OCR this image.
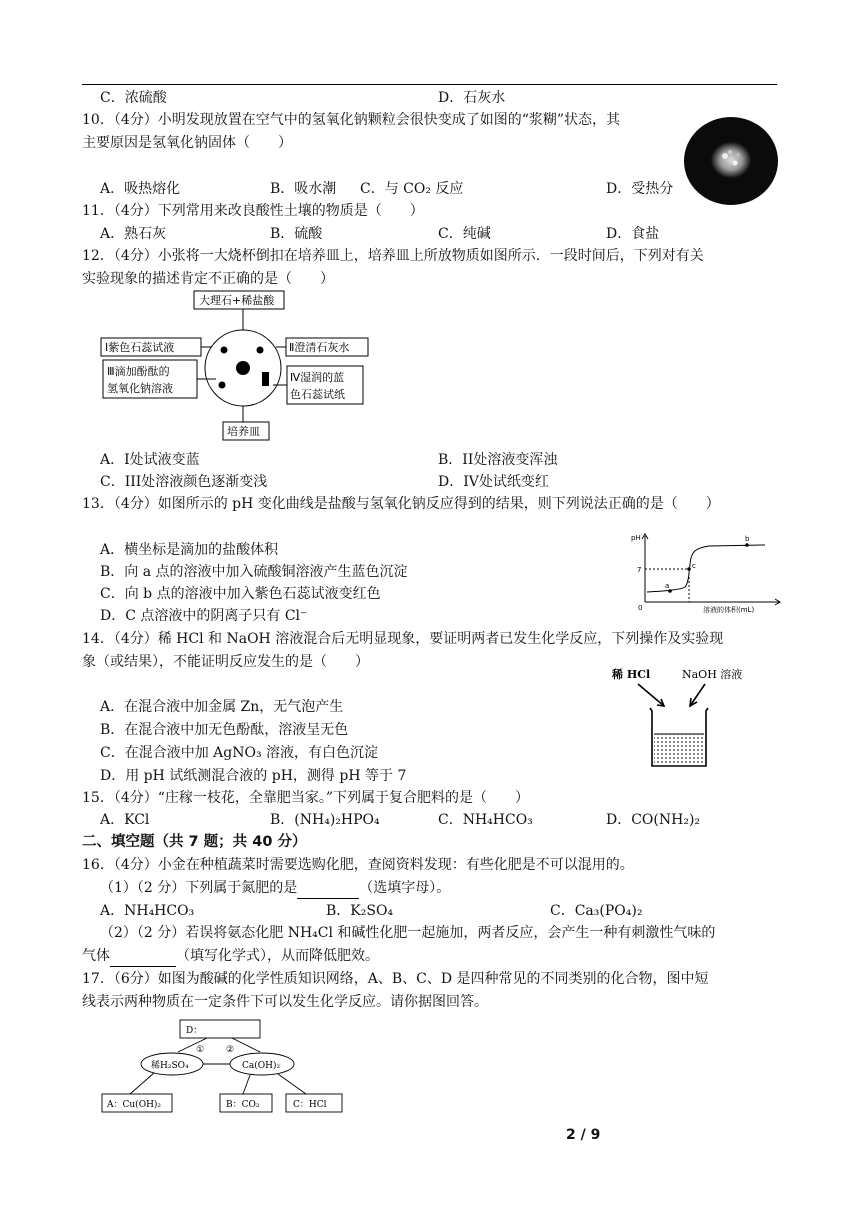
C．浓硫酸	D．石灰水
10．（4分）小明发现放置在空气中的氢氧化钠颗粒会很快变成了如图的“浆糊”状态，其
主要原因是氢氧化钠固体（　　）
A．吸热熔化	B．吸水潮 C．与 CO₂ 反应	D．受热分
11．（4分）下列常用来改良酸性土壤的物质是（　　）
A．熟石灰	B．硫酸	C．纯碱	D．食盐
12．（4分）小张将一大烧杯倒扣在培养皿上，培养皿上所放物质如图所示．一段时间后，下列对有关
实验现象的描述肯定不正确的是（　　）
大理石+稀盐酸
Ⅰ紫色石蕊试液
Ⅲ滴加酚酞的
氢氧化钠溶液
Ⅱ澄清石灰水
Ⅳ湿润的蓝
色石蕊试纸
培养皿
A．I处试液变蓝	B．II处溶液变浑浊
C．III处溶液颜色逐渐变浅	D．IV处试纸变红
13．（4分）如图所示的 pH 变化曲线是盐酸与氢氧化钠反应得到的结果，则下列说法正确的是（　　）
pH
7
0	溶液的体积(mL)
a
c
b
A．横坐标是滴加的盐酸体积
B．向 a 点的溶液中加入硫酸铜溶液产生蓝色沉淀
C．向 b 点的溶液中加入紫色石蕊试液变红色
D．C 点溶液中的阴离子只有 Cl⁻
14．（4分）稀 HCl 和 NaOH 溶液混合后无明显现象，要证明两者已发生化学反应，下列操作及实验现
象（或结果），不能证明反应发生的是（　　）
稀 HCl	NaOH 溶液
A．在混合液中加金属 Zn，无气泡产生
B．在混合液中加无色酚酞，溶液呈无色
C．在混合液中加 AgNO₃ 溶液，有白色沉淀
D．用 pH 试纸测混合液的 pH，测得 pH 等于 7
15．（4分）“庄稼一枝花，全靠肥当家。”下列属于复合肥料的是（　　）
A．KCl	B．(NH₄)₂HPO₄	C．NH₄HCO₃	D．CO(NH₂)₂
二、填空题（共 7 题；共 40 分）
16．（4分）小金在种植蔬菜时需要选购化肥，查阅资料发现：有些化肥是不可以混用的。
（1）（2 分）下列属于氮肥的是	（选填字母）。
A．NH₄HCO₃	B．K₂SO₄	C．Ca₃(PO₄)₂
（2）（2 分）若误将氨态化肥 NH₄Cl 和碱性化肥一起施加，两者反应，会产生一种有刺激性气味的
气体	（填写化学式），从而降低肥效。
17．（6分）如图为酸碱的化学性质知识网络，A、B、C、D 是四种常见的不同类别的化合物，图中短
线表示两种物质在一定条件下可以发生化学反应。请你据图回答。
D：
① ②
稀H₂SO₄	Ca(OH)₂
A：Cu(OH)₂	B：CO₂	C：HCl
2 / 9
